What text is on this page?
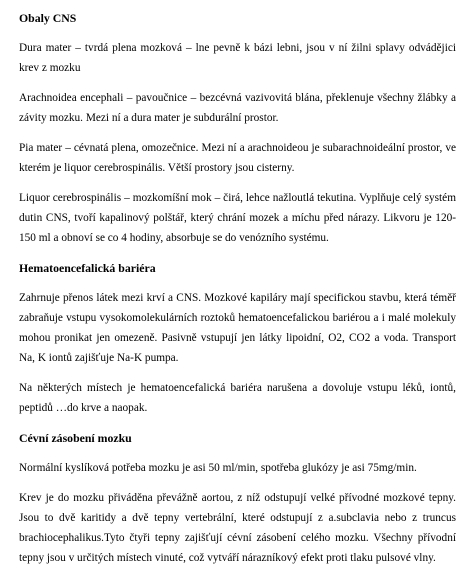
Obaly CNS

Dura mater – tvrdá plena mozková – lne pevně k bázi lebni, jsou v ní žilni splavy odvádějici krev z mozku

Arachnoidea encephali – pavoučnice – bezcévná vazivovitá blána, překlenuje všechny žlábky a závity mozku. Mezi ní a dura mater je subdurální prostor.

Pia mater – cévnatá plena, omozečnice. Mezi ní a arachnoideou je subarachnoideální prostor, ve kterém je liquor cerebrospinális. Větší prostory jsou cisterny.

Liquor cerebrospinális – mozkomíšní mok – čirá, lehce nažloutlá tekutina. Vyplňuje celý systém dutin CNS, tvoří kapalinový polštář, který chrání mozek a míchu před nárazy. Likvoru je 120-150 ml a obnoví se co 4 hodiny, absorbuje se do venózního systému.

Hematoencefalická bariéra

Zahrnuje přenos látek mezi krví a CNS. Mozkové kapiláry mají specifickou stavbu, která téměř zabraňuje vstupu vysokomolekulárních roztoků hematoencefalickou bariérou a i malé molekuly mohou pronikat jen omezeně. Pasivně vstupují jen látky lipoidní, O2, CO2 a voda. Transport Na, K iontů zajišťuje Na-K pumpa.

Na některých místech je hematoencefalická bariéra narušena a dovoluje vstupu léků, iontů, peptidů …do krve a naopak.

Cévní zásobení mozku

Normální kyslíková potřeba mozku je asi 50 ml/min, spotřeba glukózy je asi 75mg/min.

Krev je do mozku přiváděna převážně aortou, z níž odstupují velké přívodné mozkové tepny. Jsou to dvě karitidy a dvě tepny vertebrální, které odstupují z a.subclavia nebo z truncus brachiocephalikus.Tyto čtyři tepny zajišťují cévní zásobení celého mozku. Všechny přívodní tepny jsou v určitých místech vinuté, což vytváří nárazníkový efekt proti tlaku pulsové vlny.
